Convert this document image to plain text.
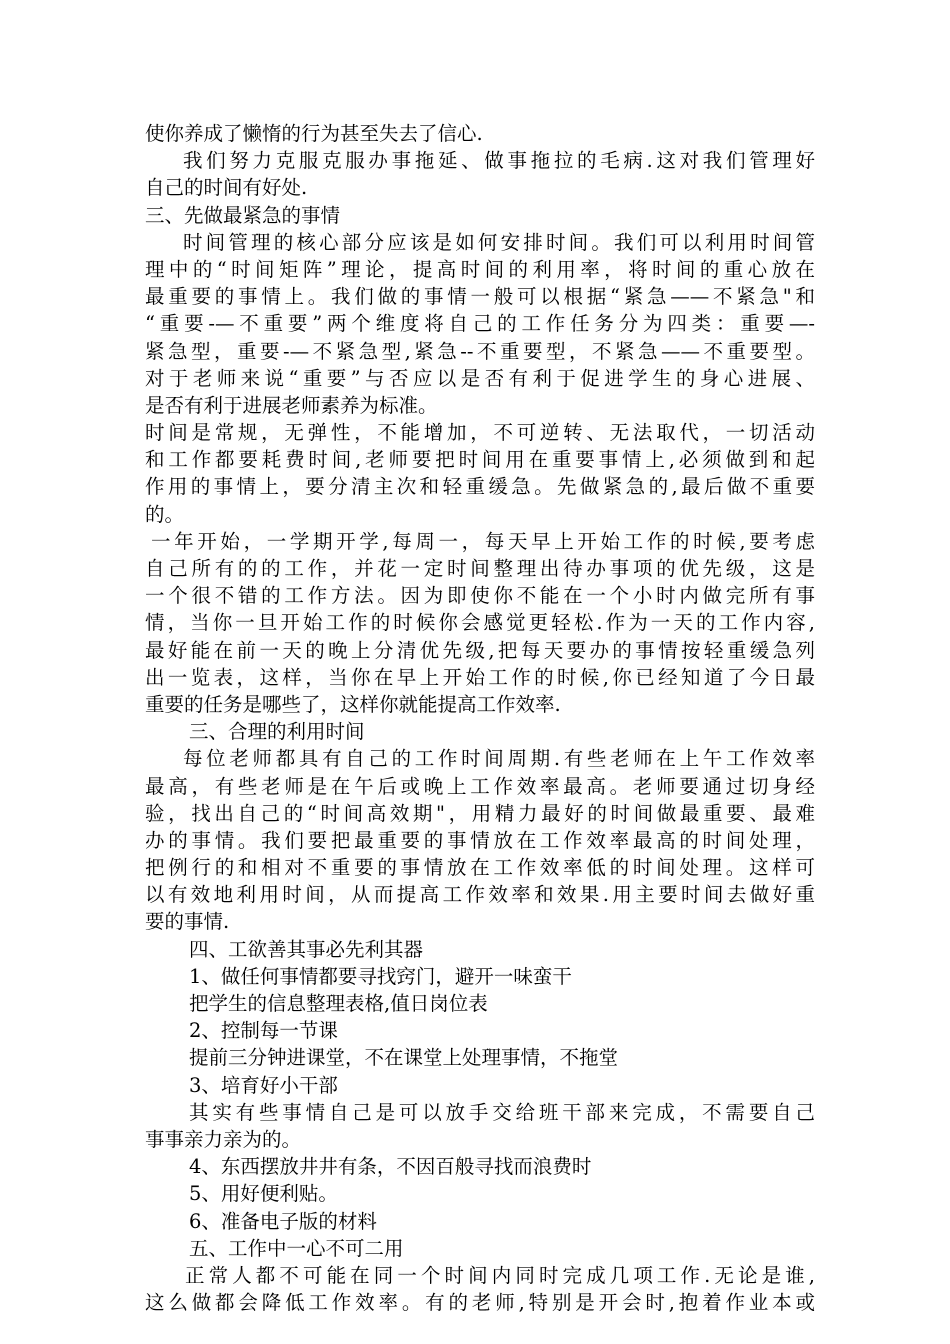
使你养成了懒惰的行为甚至失去了信心.
我们努力克服克服办事拖延、做事拖拉的毛病.这对我们管理好
自己的时间有好处.
三、先做最紧急的事情
时间管理的核心部分应该是如何安排时间。我们可以利用时间管
理中的“时间矩阵”理论，提高时间的利用率，将时间的重心放在
最重要的事情上。我们做的事情一般可以根据“紧急——不紧急"和
“重要-—不重要”两个维度将自己的工作任务分为四类：重要—-
紧急型，重要-—不紧急型,紧急--不重要型，不紧急——不重要型。
对于老师来说“重要”与否应以是否有利于促进学生的身心进展、
是否有利于进展老师素养为标准。
时间是常规，无弹性，不能增加，不可逆转、无法取代，一切活动
和工作都要耗费时间,老师要把时间用在重要事情上,必须做到和起
作用的事情上，要分清主次和轻重缓急。先做紧急的,最后做不重要
的。
一年开始，一学期开学,每周一，每天早上开始工作的时候,要考虑
自己所有的的工作，并花一定时间整理出待办事项的优先级，这是
一个很不错的工作方法。因为即使你不能在一个小时内做完所有事
情，当你一旦开始工作的时候你会感觉更轻松.作为一天的工作内容,
最好能在前一天的晚上分清优先级,把每天要办的事情按轻重缓急列
出一览表，这样，当你在早上开始工作的时候,你已经知道了今日最
重要的任务是哪些了，这样你就能提高工作效率.
三、合理的利用时间
每位老师都具有自己的工作时间周期.有些老师在上午工作效率
最高，有些老师是在午后或晚上工作效率最高。老师要通过切身经
验，找出自己的“时间高效期"，用精力最好的时间做最重要、最难
办的事情。我们要把最重要的事情放在工作效率最高的时间处理，
把例行的和相对不重要的事情放在工作效率低的时间处理。这样可
以有效地利用时间，从而提高工作效率和效果.用主要时间去做好重
要的事情.
四、工欲善其事必先利其器
1、做任何事情都要寻找窍门，避开一味蛮干
把学生的信息整理表格,值日岗位表
2、控制每一节课
提前三分钟进课堂，不在课堂上处理事情，不拖堂
3、培育好小干部
其实有些事情自己是可以放手交给班干部来完成，不需要自己
事事亲力亲为的。
4、东西摆放井井有条，不因百般寻找而浪费时
5、用好便利贴。
6、准备电子版的材料
五、工作中一心不可二用
正常人都不可能在同一个时间内同时完成几项工作.无论是谁,
这么做都会降低工作效率。有的老师,特别是开会时,抱着作业本或
